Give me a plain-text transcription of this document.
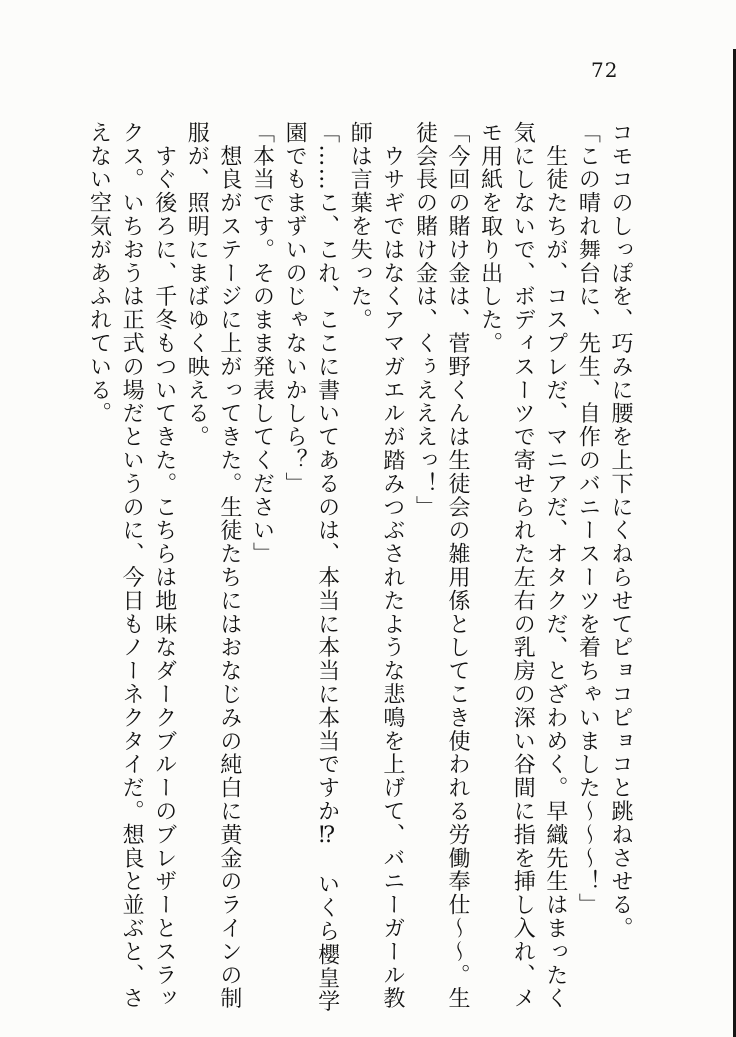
72

コモコのしっぽを、巧みに腰を上下にくねらせてピョコピョコと跳ねさせる。

「この晴れ舞台に、先生、自作のバニースーツを着ちゃいました～～～！」

　生徒たちが、コスプレだ、マニアだ、オタクだ、とざわめく。早織先生はまったく

気にしないで、ボディスーツで寄せられた左右の乳房の深い谷間に指を挿し入れ、メ

モ用紙を取り出した。

「今回の賭け金は、菅野くんは生徒会の雑用係としてこき使われる労働奉仕～～。生

徒会長の賭け金は、くぅえええっ！」

　ウサギではなくアマガエルが踏みつぶされたような悲鳴を上げて、バニーガール教

師は言葉を失った。

「……こ、これ、ここに書いてあるのは、本当に本当に本当ですか⁉　いくら櫻皇学

園でもまずいのじゃないかしら？」

「本当です。そのまま発表してください」

　想良がステージに上がってきた。生徒たちにはおなじみの純白に黄金のラインの制

服が、照明にまばゆく映える。

　すぐ後ろに、千冬もついてきた。こちらは地味なダークブルーのブレザーとスラッ

クス。いちおうは正式の場だというのに、今日もノーネクタイだ。想良と並ぶと、さ

えない空気があふれている。
